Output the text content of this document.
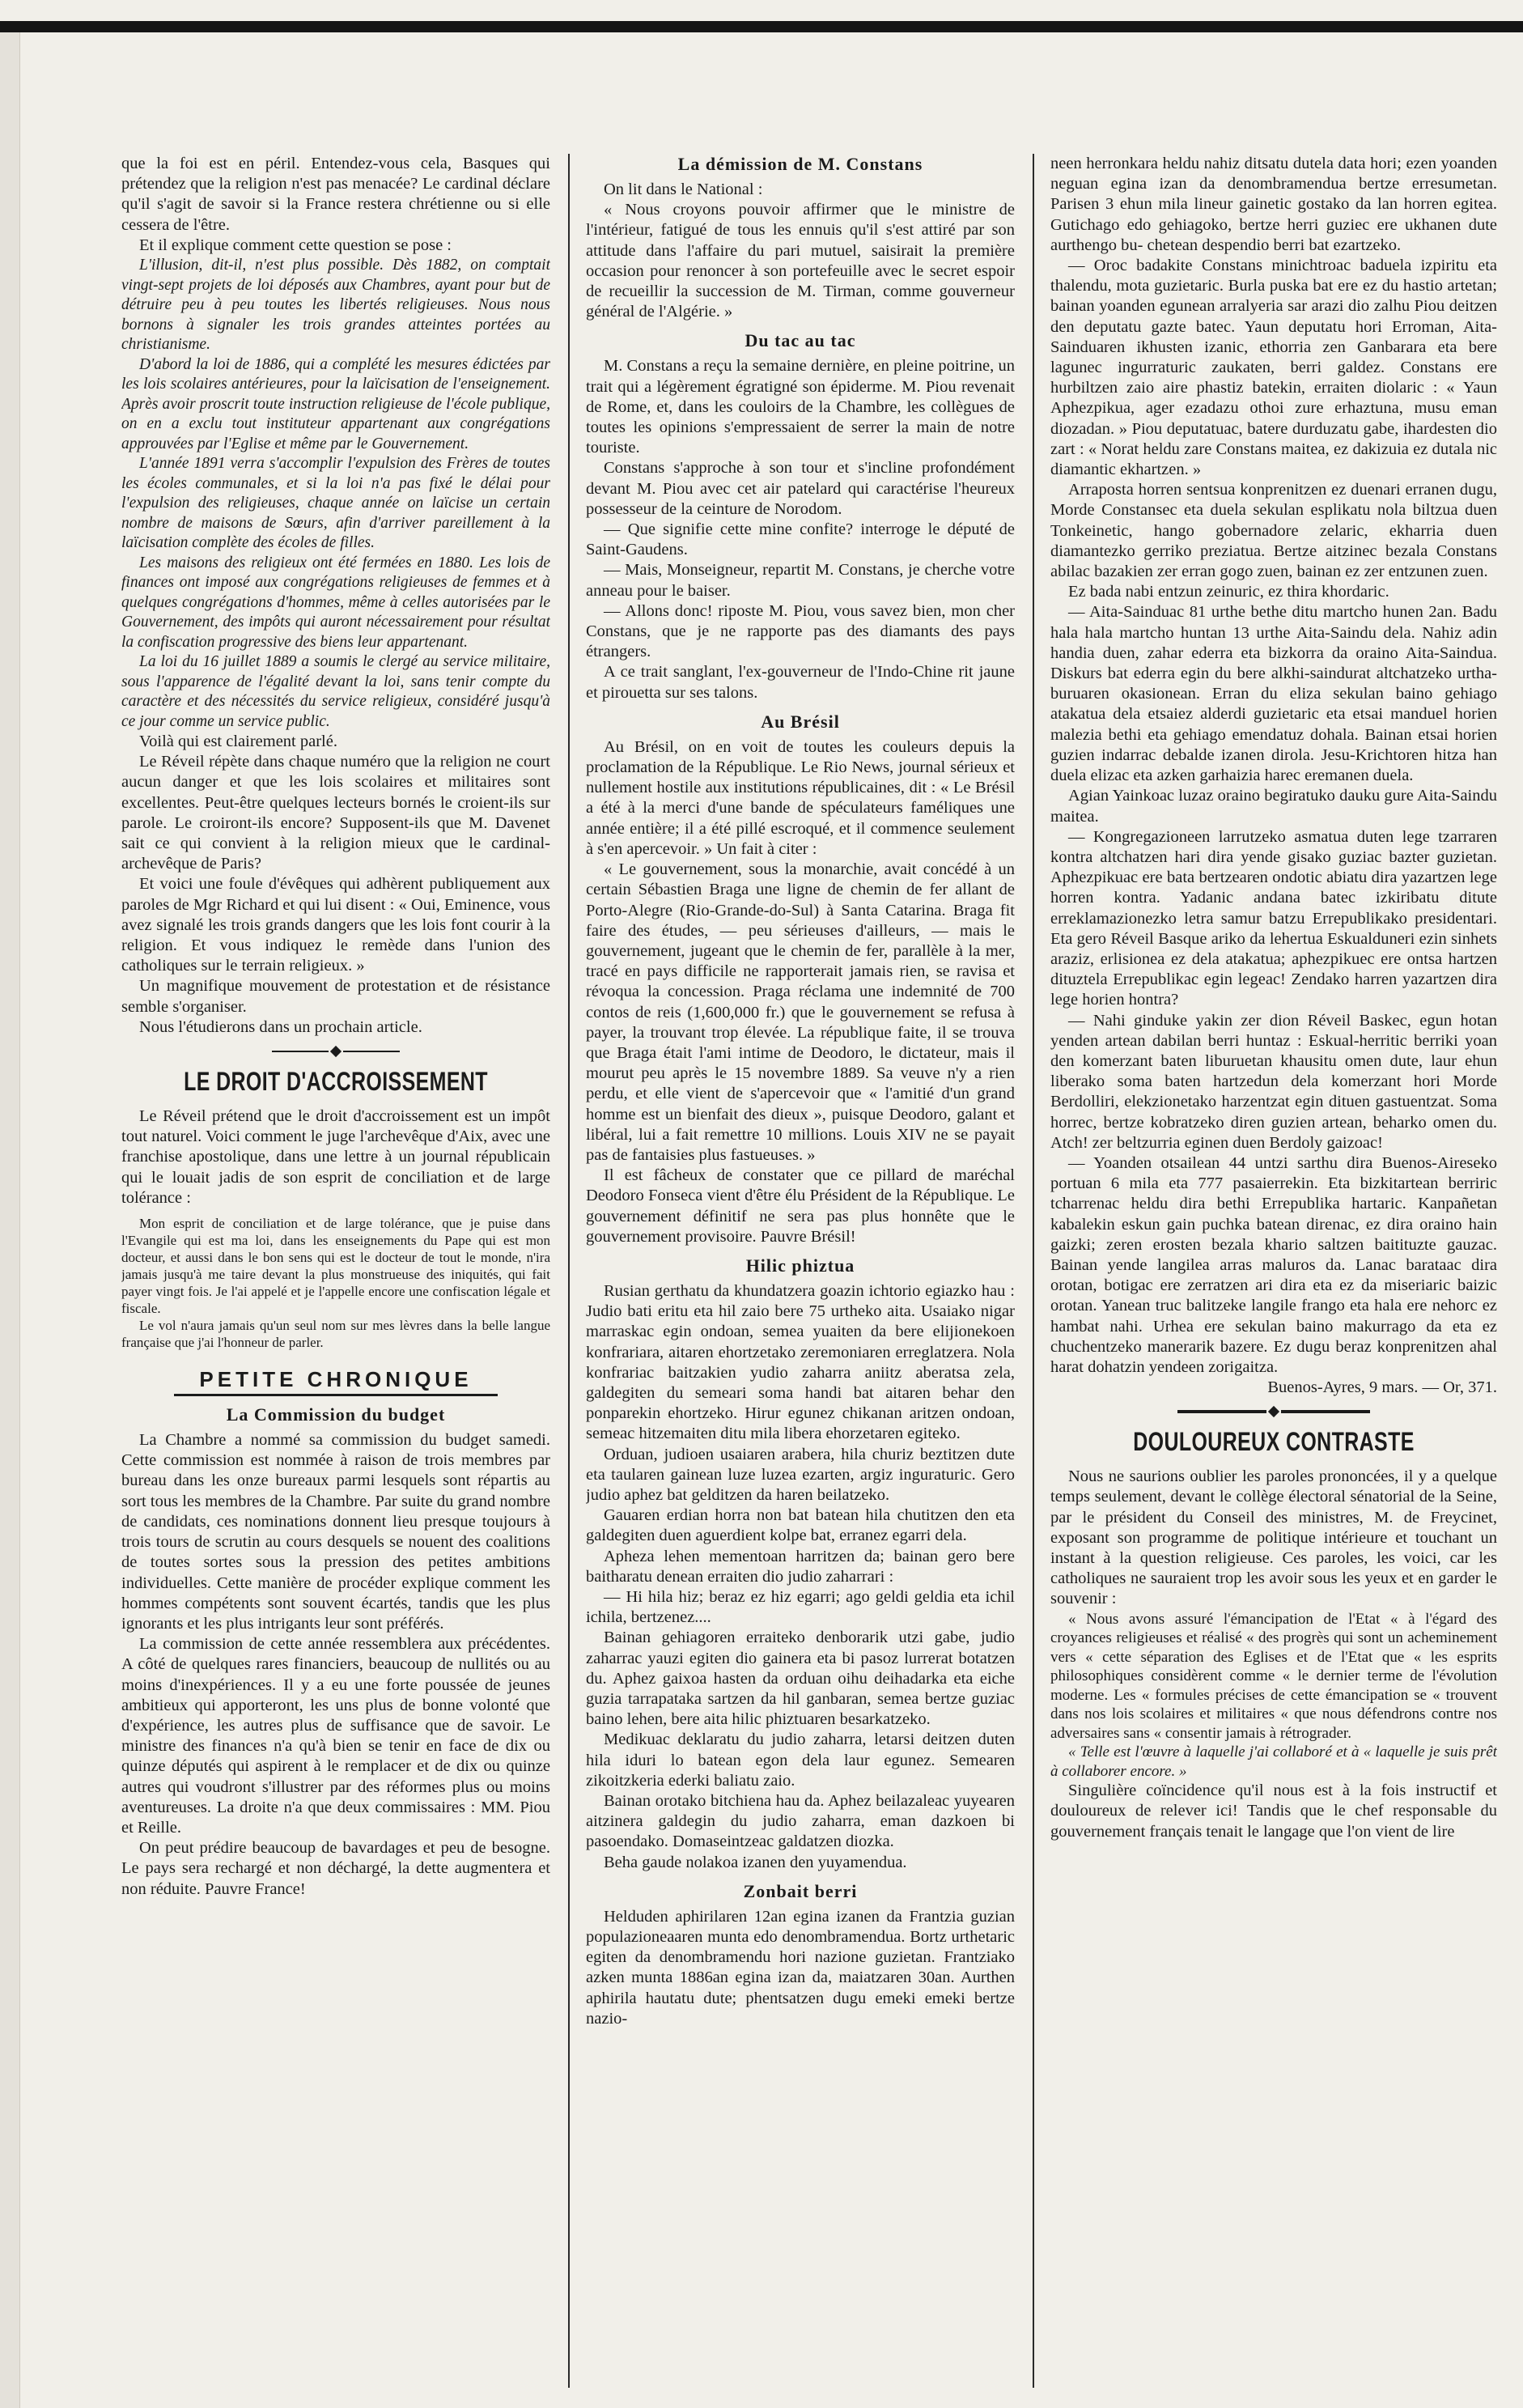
que la foi est en péril. Entendez-vous cela, Basques qui prétendez que la religion n'est pas menacée? Le cardinal déclare qu'il s'agit de savoir si la France restera chrétienne ou si elle cessera de l'être.

Et il explique comment cette question se pose :

L'illusion, dit-il, n'est plus possible. Dès 1882, on comptait vingt-sept projets de loi déposés aux Chambres, ayant pour but de détruire peu à peu toutes les libertés religieuses. Nous nous bornons à signaler les trois grandes atteintes portées au christianisme.

D'abord la loi de 1886, qui a complété les mesures édictées par les lois scolaires antérieures, pour la laïcisation de l'enseignement. Après avoir proscrit toute instruction religieuse de l'école publique, on en a exclu tout instituteur appartenant aux congrégations approuvées par l'Eglise et même par le Gouvernement.

L'année 1891 verra s'accomplir l'expulsion des Frères de toutes les écoles communales, et si la loi n'a pas fixé le délai pour l'expulsion des religieuses, chaque année on laïcise un certain nombre de maisons de Sœurs, afin d'arriver pareillement à la laïcisation complète des écoles de filles.

Les maisons des religieux ont été fermées en 1880. Les lois de finances ont imposé aux congrégations religieuses de femmes et à quelques congrégations d'hommes, même à celles autorisées par le Gouvernement, des impôts qui auront nécessairement pour résultat la confiscation progressive des biens leur appartenant.

La loi du 16 juillet 1889 a soumis le clergé au service militaire, sous l'apparence de l'égalité devant la loi, sans tenir compte du caractère et des nécessités du service religieux, considéré jusqu'à ce jour comme un service public.

Voilà qui est clairement parlé.

Le Réveil répète dans chaque numéro que la religion ne court aucun danger et que les lois scolaires et militaires sont excellentes. Peut-être quelques lecteurs bornés le croient-ils sur parole. Le croiront-ils encore? Supposent-ils que M. Davenet sait ce qui convient à la religion mieux que le cardinal-archevêque de Paris?

Et voici une foule d'évêques qui adhèrent publiquement aux paroles de Mgr Richard et qui lui disent : « Oui, Eminence, vous avez signalé les trois grands dangers que les lois font courir à la religion. Et vous indiquez le remède dans l'union des catholiques sur le terrain religieux. »

Un magnifique mouvement de protestation et de résistance semble s'organiser.

Nous l'étudierons dans un prochain article.

LE DROIT D'ACCROISSEMENT

Le Réveil prétend que le droit d'accroissement est un impôt tout naturel. Voici comment le juge l'archevêque d'Aix, avec une franchise apostolique, dans une lettre à un journal républicain qui le louait jadis de son esprit de conciliation et de large tolérance :

Mon esprit de conciliation et de large tolérance, que je puise dans l'Evangile qui est ma loi, dans les enseignements du Pape qui est mon docteur, et aussi dans le bon sens qui est le docteur de tout le monde, n'ira jamais jusqu'à me taire devant la plus monstrueuse des iniquités, qui fait payer vingt fois. Je l'ai appelé et je l'appelle encore une confiscation légale et fiscale.

Le vol n'aura jamais qu'un seul nom sur mes lèvres dans la belle langue française que j'ai l'honneur de parler.

PETITE CHRONIQUE
La Commission du budget

La Chambre a nommé sa commission du budget samedi. Cette commission est nommée à raison de trois membres par bureau dans les onze bureaux parmi lesquels sont répartis au sort tous les membres de la Chambre. Par suite du grand nombre de candidats, ces nominations donnent lieu presque toujours à trois tours de scrutin au cours desquels se nouent des coalitions de toutes sortes sous la pression des petites ambitions individuelles. Cette manière de procéder explique comment les hommes compétents sont souvent écartés, tandis que les plus ignorants et les plus intrigants leur sont préférés.

La commission de cette année ressemblera aux précédentes. A côté de quelques rares financiers, beaucoup de nullités ou au moins d'inexpériences. Il y a eu une forte poussée de jeunes ambitieux qui apporteront, les uns plus de bonne volonté que d'expérience, les autres plus de suffisance que de savoir. Le ministre des finances n'a qu'à bien se tenir en face de dix ou quinze députés qui aspirent à le remplacer et de dix ou quinze autres qui voudront s'illustrer par des réformes plus ou moins aventureuses. La droite n'a que deux commissaires : MM. Piou et Reille.

On peut prédire beaucoup de bavardages et peu de besogne. Le pays sera rechargé et non déchargé, la dette augmentera et non réduite. Pauvre France!

La démission de M. Constans

On lit dans le National :

« Nous croyons pouvoir affirmer que le ministre de l'intérieur, fatigué de tous les ennuis qu'il s'est attiré par son attitude dans l'affaire du pari mutuel, saisirait la première occasion pour renoncer à son portefeuille avec le secret espoir de recueillir la succession de M. Tirman, comme gouverneur général de l'Algérie. »

Du tac au tac

M. Constans a reçu la semaine dernière, en pleine poitrine, un trait qui a légèrement égratigné son épiderme. M. Piou revenait de Rome, et, dans les couloirs de la Chambre, les collègues de toutes les opinions s'empressaient de serrer la main de notre touriste.

Constans s'approche à son tour et s'incline profondément devant M. Piou avec cet air patelard qui caractérise l'heureux possesseur de la ceinture de Norodom.

— Que signifie cette mine confite? interroge le député de Saint-Gaudens.

— Mais, Monseigneur, repartit M. Constans, je cherche votre anneau pour le baiser.

— Allons donc! riposte M. Piou, vous savez bien, mon cher Constans, que je ne rapporte pas des diamants des pays étrangers.

A ce trait sanglant, l'ex-gouverneur de l'Indo-Chine rit jaune et pirouetta sur ses talons.

Au Brésil

Au Brésil, on en voit de toutes les couleurs depuis la proclamation de la République. Le Rio News, journal sérieux et nullement hostile aux institutions républicaines, dit : « Le Brésil a été à la merci d'une bande de spéculateurs faméliques une année entière; il a été pillé escroqué, et il commence seulement à s'en apercevoir. » Un fait à citer :

« Le gouvernement, sous la monarchie, avait concédé à un certain Sébastien Braga une ligne de chemin de fer allant de Porto-Alegre (Rio-Grande-do-Sul) à Santa Catarina. Braga fit faire des études, — peu sérieuses d'ailleurs, — mais le gouvernement, jugeant que le chemin de fer, parallèle à la mer, tracé en pays difficile ne rapporterait jamais rien, se ravisa et révoqua la concession. Praga réclama une indemnité de 700 contos de reis (1,600,000 fr.) que le gouvernement se refusa à payer, la trouvant trop élevée. La république faite, il se trouva que Braga était l'ami intime de Deodoro, le dictateur, mais il mourut peu après le 15 novembre 1889. Sa veuve n'y a rien perdu, et elle vient de s'apercevoir que « l'amitié d'un grand homme est un bienfait des dieux », puisque Deodoro, galant et libéral, lui a fait remettre 10 millions. Louis XIV ne se payait pas de fantaisies plus fastueuses. »

Il est fâcheux de constater que ce pillard de maréchal Deodoro Fonseca vient d'être élu Président de la République. Le gouvernement définitif ne sera pas plus honnête que le gouvernement provisoire. Pauvre Brésil!

Hilic phiztua

Rusian gerthatu da khundatzera goazin ichtorio egiazko hau : Judio bati eritu eta hil zaio bere 75 urtheko aita. Usaiako nigar marraskac egin ondoan, semea yuaiten da bere elijionekoen konfrariara, aitaren ehortzetako zeremoniaren erreglatzera. Nola konfrariac baitzakien yudio zaharra aniitz aberatsa zela, galdegiten du semeari soma handi bat aitaren behar den ponparekin ehortzeko. Hirur egunez chikanan aritzen ondoan, semeac hitzemaiten ditu mila libera ehorzetaren egiteko.

Orduan, judioen usaiaren arabera, hila churiz beztitzen dute eta taularen gainean luze luzea ezarten, argiz inguraturic. Gero judio aphez bat gelditzen da haren beilatzeko.

Gauaren erdian horra non bat batean hila chutitzen den eta galdegiten duen aguerdient kolpe bat, erranez egarri dela.

Apheza lehen mementoan harritzen da; bainan gero bere baitharatu denean erraiten dio judio zaharrari :

— Hi hila hiz; beraz ez hiz egarri; ago geldi geldia eta ichil ichila, bertzenez....

Bainan gehiagoren erraiteko denborarik utzi gabe, judio zaharrac yauzi egiten dio gainera eta bi pasoz lurrerat botatzen du. Aphez gaixoa hasten da orduan oihu deihadarka eta eiche guzia tarrapataka sartzen da hil ganbaran, semea bertze guziac baino lehen, bere aita hilic phiztuaren besarkatzeko.

Medikuac deklaratu du judio zaharra, letarsi deitzen duten hila iduri lo batean egon dela laur egunez. Semearen zikoitzkeria ederki baliatu zaio.

Bainan orotako bitchiena hau da. Aphez beilazaleac yuyearen aitzinera galdegin du judio zaharra, eman dazkoen bi pasoendako. Domaseintzeac galdatzen diozka.

Beha gaude nolakoa izanen den yuyamendua.

Zonbait berri

Helduden aphirilaren 12an egina izanen da Frantzia guzian populazioneaaren munta edo denombramendua. Bortz urthetaric egiten da denombramendu hori nazione guzietan. Frantziako azken munta 1886an egina izan da, maiatzaren 30an. Aurthen aphirila hautatu dute; phentsatzen dugu emeki emeki bertze naziо-

neen herronkara heldu nahiz ditsatu dutela data hori; ezen yoanden neguan egina izan da denombramendua bertze erresumetan. Parisen 3 ehun mila lineur gainetic gostako da lan horren egitea. Gutichago edo gehiagoko, bertze herri guziec ere ukhanen dute aurthengo bu- chetean despendio berri bat ezartzeko.

— Oroc badakite Constans minichtroac baduela izpiritu eta thalendu, mota guzietaric. Burla puska bat ere ez du hastio artetan; bainan yoanden egunean arralyeria sar arazi dio zalhu Piou deitzen den deputatu gazte batec. Yaun deputatu hori Erroman, Aita-Sainduaren ikhusten izanic, ethorria zen Ganbarara eta bere lagunec ingurraturic zaukaten, berri galdez. Constans ere hurbiltzen zaio aire phastiz batekin, erraiten diolaric : « Yaun Aphezpikua, ager ezadazu othoi zure erhaztuna, musu eman diozadan. » Piou deputatuac, batere durduzatu gabe, ihardesten dio zart : « Norat heldu zare Constans maitea, ez dakizuia ez dutala nic diamantic ekhartzen. »

Arraposta horren sentsua konprenitzen ez duenari erranen dugu, Morde Constansec eta duela sekulan esplikatu nola biltzua duen Tonkeinetic, hango gobernadore zelaric, ekharria duen diamantezko gerriko preziatua. Bertze aitzinec bezala Constans abilac bazakien zer erran gogo zuen, bainan ez zer entzunen zuen.

Ez bada nabi entzun zeinuric, ez thira khordaric.

— Aita-Sainduac 81 urthe bethe ditu martcho hunen 2an. Badu hala hala martcho huntan 13 urthe Aita-Saindu dela. Nahiz adin handia duen, zahar ederra eta bizkorra da oraino Aita-Saindua. Diskurs bat ederra egin du bere alkhi-saindurat altchatzeko urtha-buruaren okasionean. Erran du eliza sekulan baino gehiago atakatua dela etsaiez alderdi guzietaric eta etsai manduel horien malezia bethi eta gehiago emendatuz dohala. Bainan etsai horien guzien indarrac debalde izanen dirola. Jesu-Krichtoren hitza han duela elizac eta azken garhaizia harec eremanen duela.

Agian Yainkoac luzaz oraino begiratuko dauku gure Aita-Saindu maitea.

— Kongregazioneen larrutzeko asmatua duten lege tzarraren kontra altchatzen hari dira yende gisako guziac bazter guzietan. Aphezpikuac ere bata bertzearen ondotic abiatu dira yazartzen lege horren kontra. Yadanic andana batec izkiribatu ditute erreklamazionezko letra samur batzu Errepublikako presidentari. Eta gero Réveil Basque ariko da lehertua Eskualduneri ezin sinhets araziz, erlisioneа ez dela atakatua; aphezpikuec ere ontsa hartzen dituztela Errepublikac egin legeac! Zendako harren yazartzen dira lege horien hontra?

— Nahi ginduke yakin zer dion Réveil Baskec, egun hotan yenden artean dabilan berri huntaz : Eskual-herritic berriki yoan den komerzant baten liburuetan khausitu omen dute, laur ehun liberako soma baten hartzedun dela komerzant hori Morde Berdolliri, elekzionetako harzentzat egin dituen gastuentzat. Soma horrec, bertze kobratzeko diren guzien artean, beharko omen du. Atch! zer beltzurria eginen duen Berdoly gaizoac!

— Yoanden otsailean 44 untzi sarthu dira Buenos-Aireseko portuan 6 mila eta 777 pasaierrekin. Eta bizkitartean berriric tcharrenac heldu dira bethi Errepublika hartaric. Kanpañetan kabalekin eskun gain puchka batean direnac, ez dira oraino hain gaizki; zeren erosten bezala khario saltzen baitituzte gauzac. Bainan yende langilea arras maluros da. Lanac barataac dira orotan, botigac ere zerratzen ari dira eta ez da miseriaric baizic orotan. Yanean truc balitzeke langile frango eta hala ere nehorc ez hambat nahi. Urhea ere sekulan baino makurrago da eta ez chuchentzeko manerarik bazere. Ez dugu beraz konprenitzen ahal harat dohatzin yendeen zorigaitza.

Buenos-Ayres, 9 mars. — Or, 371.
DOULOUREUX CONTRASTE

Nous ne saurions oublier les paroles prononcées, il y a quelque temps seulement, devant le collège électoral sénatorial de la Seine, par le président du Conseil des ministres, M. de Freycinet, exposant son programme de politique intérieure et touchant un instant à la question religieuse. Ces paroles, les voici, car les catholiques ne sauraient trop les avoir sous les yeux et en garder le souvenir :

« Nous avons assuré l'émancipation de l'Etat « à l'égard des croyances religieuses et réalisé « des progrès qui sont un acheminement vers « cette séparation des Eglises et de l'Etat que « les esprits philosophiques considèrent comme « le dernier terme de l'évolution moderne. Les « formules précises de cette émancipation se « trouvent dans nos lois scolaires et militaires « que nous défendrons contre nos adversaires sans « consentir jamais à rétrograder.

« Telle est l'œuvre à laquelle j'ai collaboré et à « laquelle je suis prêt à collaborer encore. »

Singulière coïncidence qu'il nous est à la fois instructif et douloureux de relever ici! Tandis que le chef responsable du gouvernement français tenait le langage que l'on vient de lire
